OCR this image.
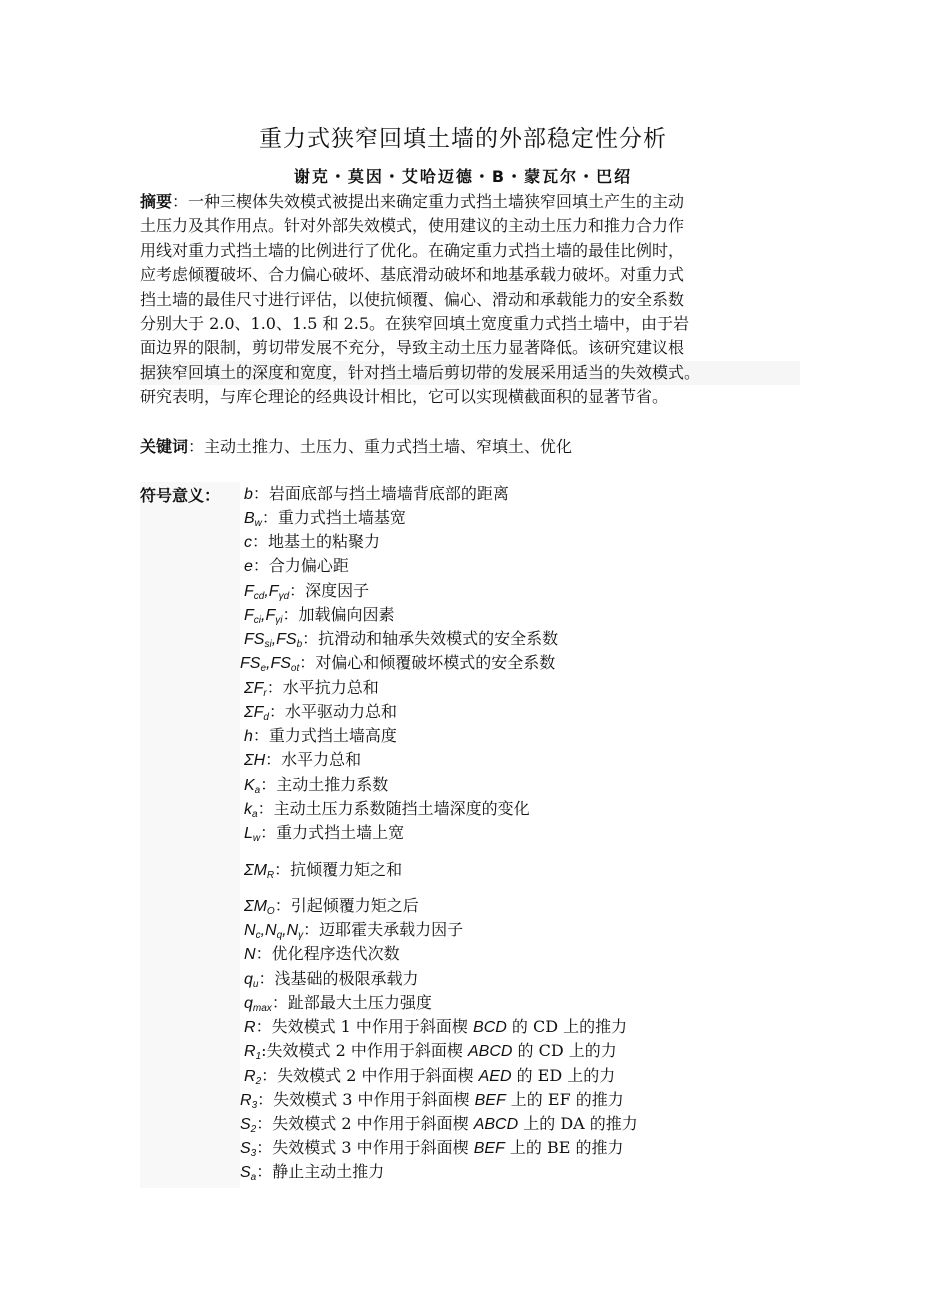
重力式狭窄回填土墙的外部稳定性分析
谢克・莫因・艾哈迈德・B・蒙瓦尔・巴绍
摘要：一种三楔体失效模式被提出来确定重力式挡土墙狭窄回填土产生的主动
土压力及其作用点。针对外部失效模式，使用建议的主动土压力和推力合力作
用线对重力式挡土墙的比例进行了优化。在确定重力式挡土墙的最佳比例时，
应考虑倾覆破坏、合力偏心破坏、基底滑动破坏和地基承载力破坏。对重力式
挡土墙的最佳尺寸进行评估，以使抗倾覆、偏心、滑动和承载能力的安全系数
分别大于 2.0、1.0、1.5 和 2.5。在狭窄回填土宽度重力式挡土墙中，由于岩
面边界的限制，剪切带发展不充分，导致主动土压力显著降低。该研究建议根
据狭窄回填土的深度和宽度，针对挡土墙后剪切带的发展采用适当的失效模式。
研究表明，与库仑理论的经典设计相比，它可以实现横截面积的显著节省。
关键词：主动土推力、土压力、重力式挡土墙、窄填土、优化
符号意义： b：岩面底部与挡土墙墙背底部的距离
$B_w$：重力式挡土墙基宽
c：地基土的粘聚力
e：合力偏心距
$F_{cd},F_{\gamma d}$：深度因子
$F_{ci},F_{\gamma i}$：加载偏向因素
$FS_{si},FS_b$：抗滑动和轴承失效模式的安全系数
$FS_e,FS_{ot}$：对偏心和倾覆破坏模式的安全系数
$\Sigma F_r$：水平抗力总和
$\Sigma F_d$：水平驱动力总和
h：重力式挡土墙高度
ΣH：水平力总和
$K_a$：主动土推力系数
$k_a$：主动土压力系数随挡土墙深度的变化
$L_w$：重力式挡土墙上宽
$\Sigma M_R$：抗倾覆力矩之和
$\Sigma M_O$：引起倾覆力矩之后
$N_c,N_q,N_\gamma$：迈耶霍夫承载力因子
N：优化程序迭代次数
$q_u$：浅基础的极限承载力
$q_{max}$：趾部最大土压力强度
R：失效模式 1 中作用于斜面楔 BCD 的 CD 上的推力
$R_1$:失效模式 2 中作用于斜面楔 ABCD 的 CD 上的力
$R_2$：失效模式 2 中作用于斜面楔 AED 的 ED 上的力
$R_3$：失效模式 3 中作用于斜面楔 BEF 上的 EF 的推力
$S_2$：失效模式 2 中作用于斜面楔 ABCD 上的 DA 的推力
$S_3$：失效模式 3 中作用于斜面楔 BEF 上的 BE 的推力
$S_a$：静止主动土推力
